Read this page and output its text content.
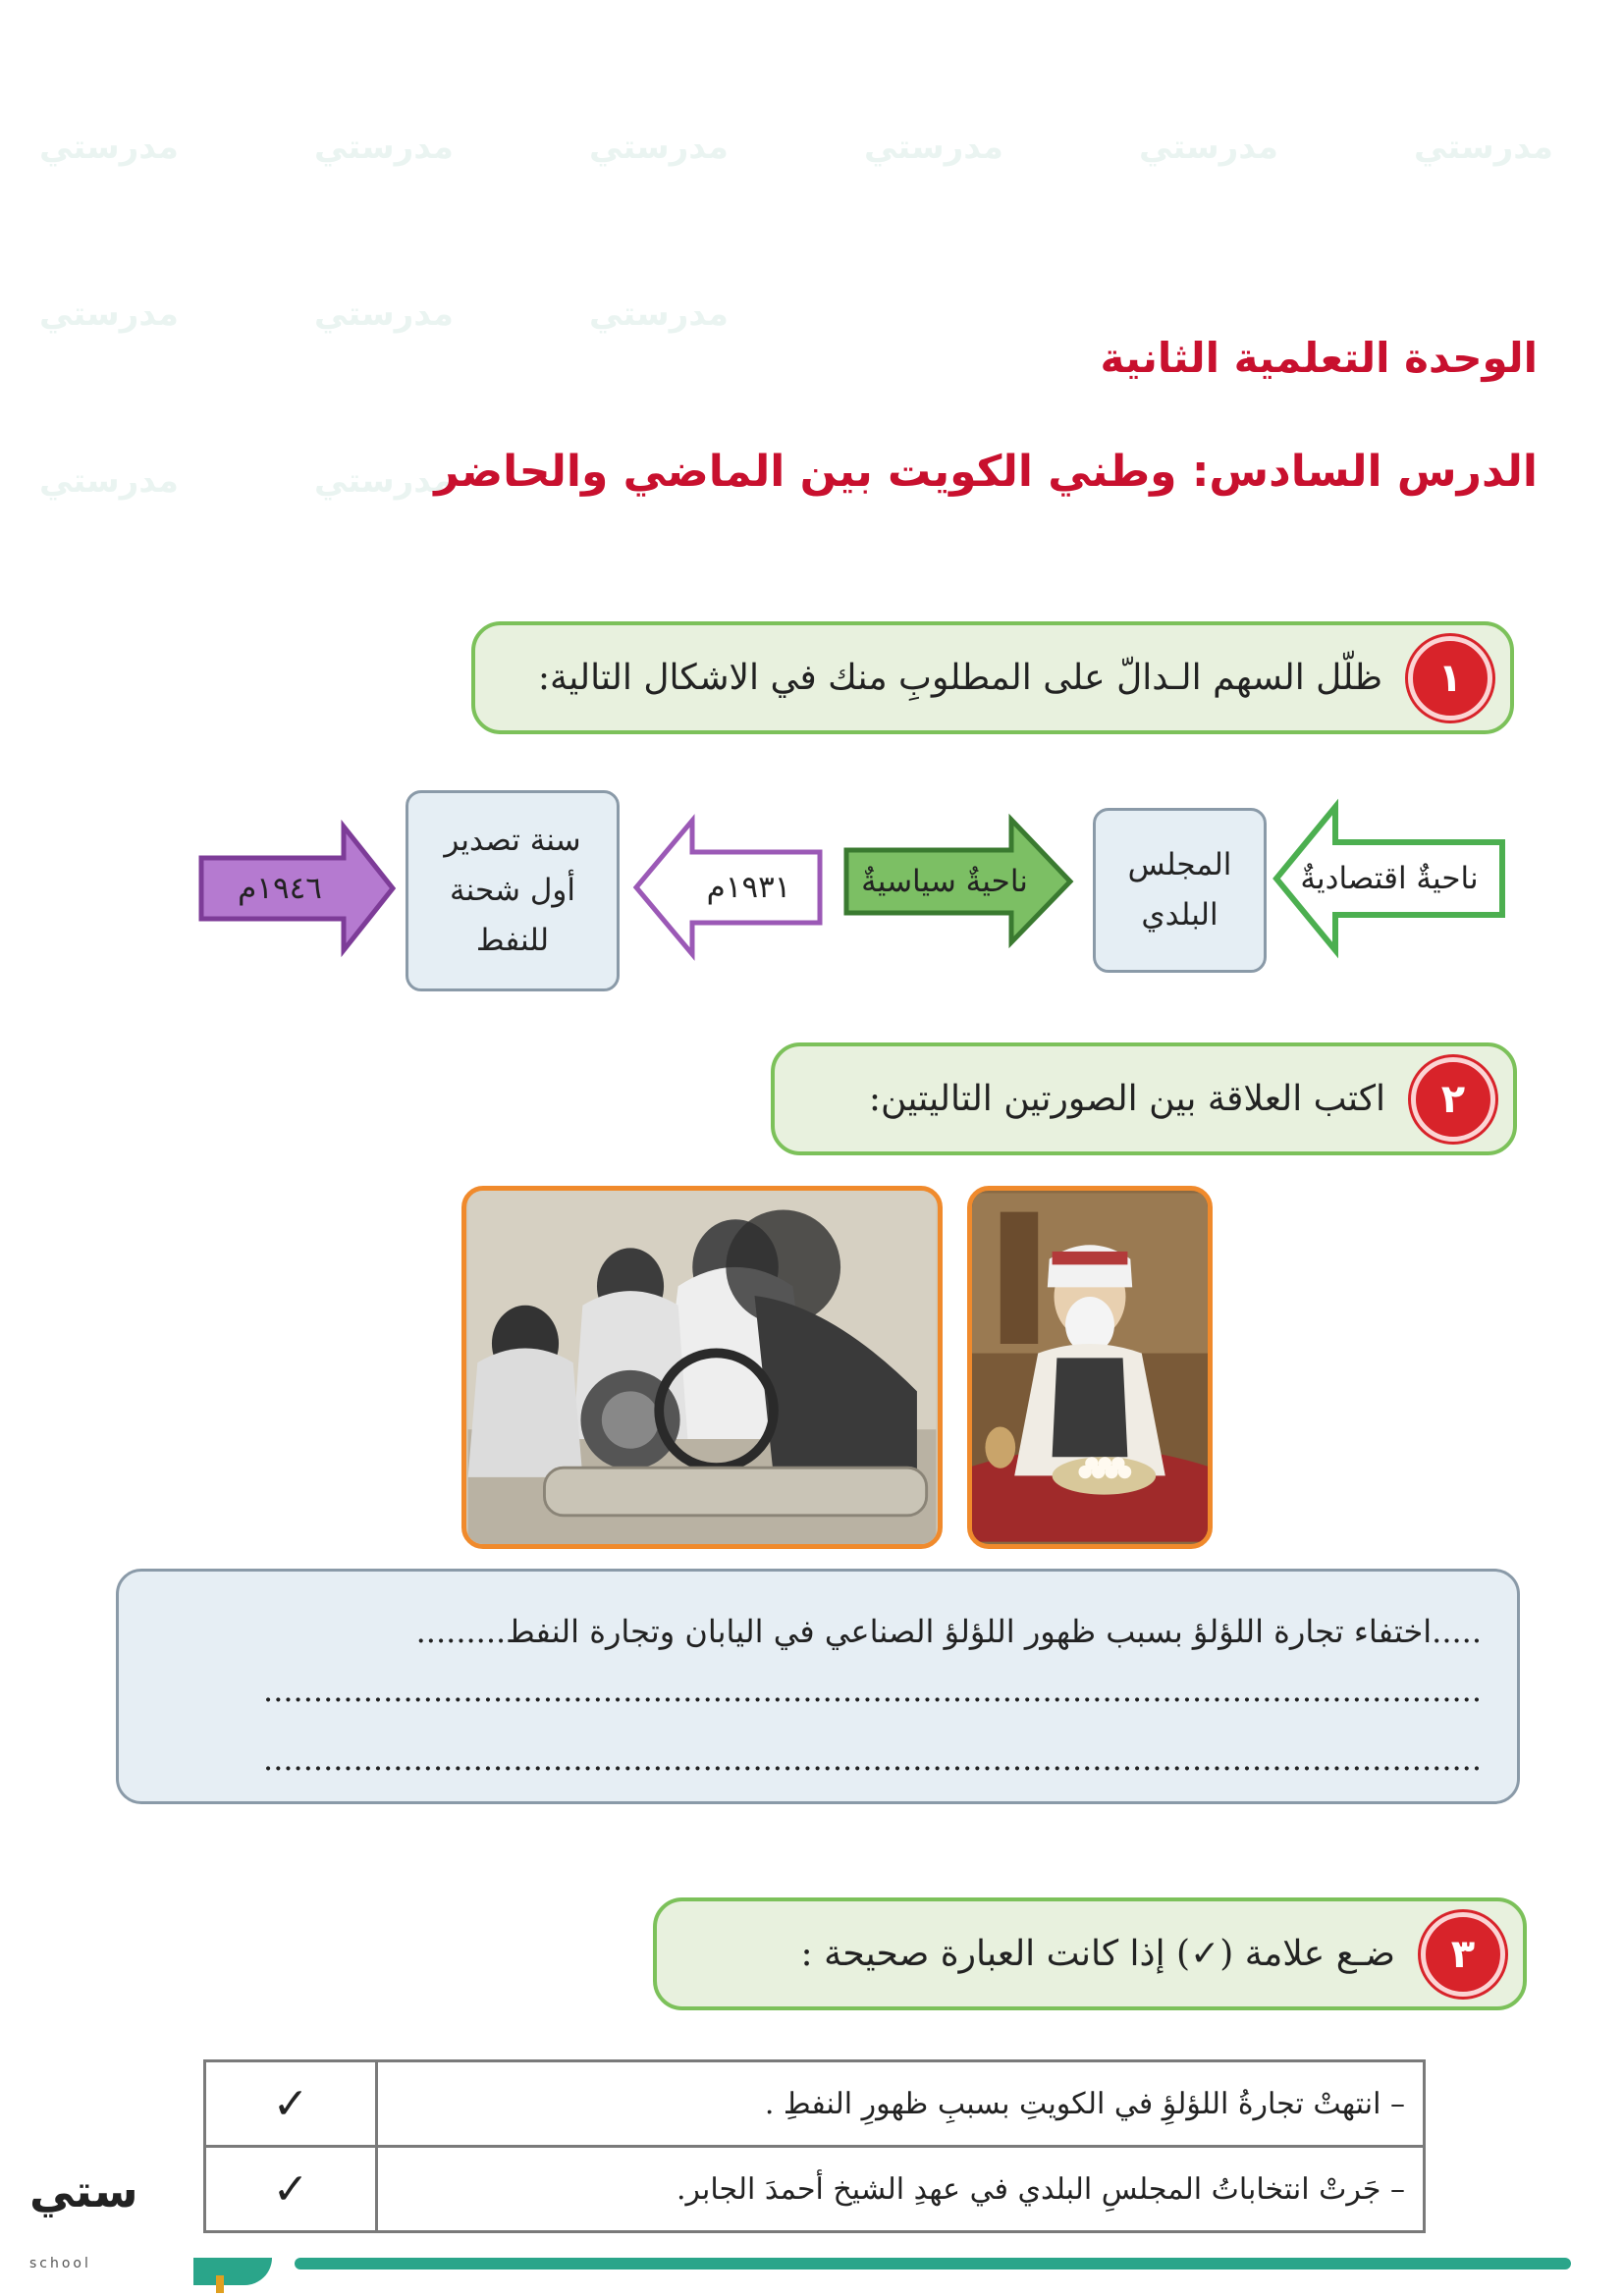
مدرستي	مدرستي	مدرستي	مدرستي	مدرستي	مدرستي
مدرستي	مدرستي	مدرستي
مدرستي	مدرستي
الوحدة التعلمية الثانية
الدرس السادس: وطني الكويت بين الماضي والحاضر
١
ظلّل السهم الـدالّ على المطلوبِ منك في الاشكال التالية:
ناحيةٌ اقتصاديةٌ
ناحيةٌ سياسيةٌ
١٩٣١م
١٩٤٦م
المجلس البلدي
سنة تصدير أول شحنة للنفط
٢
اكتب العلاقة بين الصورتين التاليتين:
.....اختفاء تجارة اللؤلؤ بسبب ظهور اللؤلؤ الصناعي في اليابان وتجارة النفط.........
..........................................................................................................................
..........................................................................................................................
٣
ضـع علامة (✓) إذا كانت العبارة صحيحة :
– انتهتْ تجارةُ اللؤلؤِ في الكويتِ بسببِ ظهورِ النفطِ .	✓
– جَرتْ انتخاباتُ المجلسِ البلدي في عهدِ الشيخ أحمدَ الجابر.	✓
ستي
school
